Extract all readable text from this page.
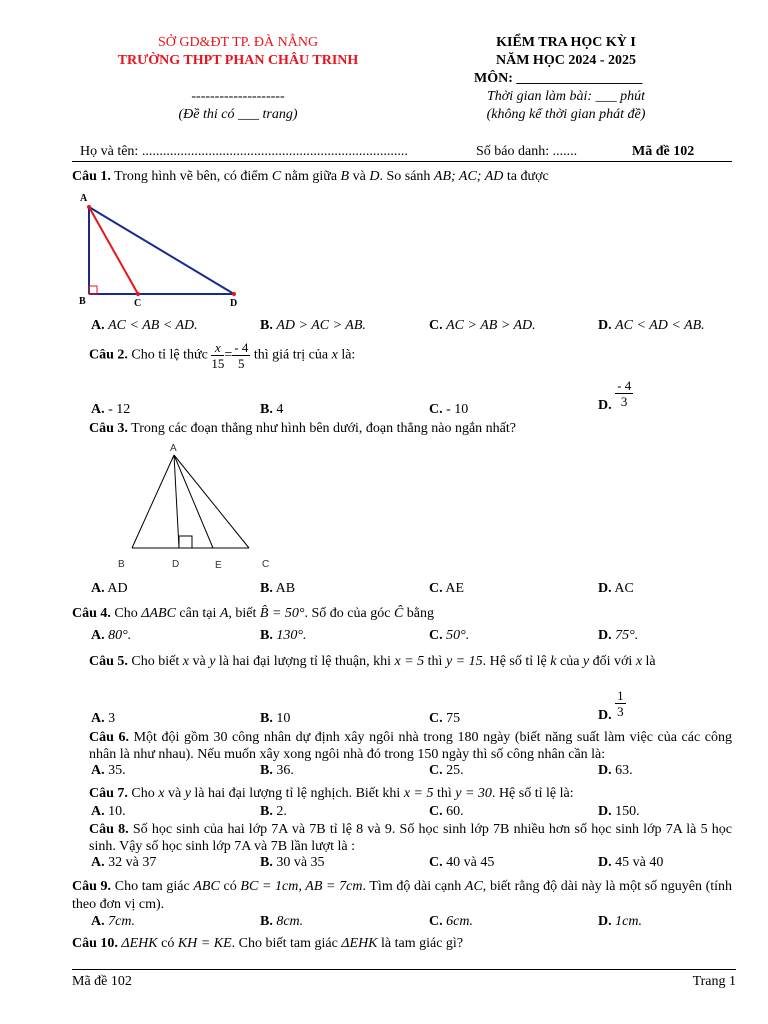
SỞ GD&ĐT TP. ĐÀ NẴNG
TRƯỜNG THPT PHAN CHÂU TRINH
--------------------
(Đề thi có ___ trang)
KIỂM TRA HỌC KỲ I
NĂM HỌC 2024 - 2025
MÔN: __________________
Thời gian làm bài: ___ phút
(không kể thời gian phát đề)
Họ và tên: ............................................................................	Số báo danh: .......	Mã đề 102
Câu 1. Trong hình vẽ bên, có điểm C nằm giữa B và D. So sánh AB; AC; AD ta được
A
B	C	D
A. AC < AB < AD.	B. AD > AC > AB.	C. AC > AB > AD.	D. AC < AD < AB.
Câu 2. Cho tỉ lệ thức $\frac{x}{15} = \frac{- 4}{5}$ thì giá trị của x là:
A. - 12	B. 4	C. - 10	D. $\frac{- 4}{3}$
Câu 3. Trong các đoạn thẳng như hình bên dưới, đoạn thẳng nào ngắn nhất?
A
B	D	E	C
A. AD	B. AB	C. AE	D. AC
Câu 4. Cho ΔABC cân tại A, biết B̂ = 50°. Số đo của góc Ĉ bằng
A. 80°.	B. 130°.	C. 50°.	D. 75°.
Câu 5. Cho biết x và y là hai đại lượng tỉ lệ thuận, khi x = 5 thì y = 15. Hệ số tỉ lệ k của y đối với x là
A. 3	B. 10	C. 75	D. $\frac{1}{3}$
Câu 6. Một đội gồm 30 công nhân dự định xây ngôi nhà trong 180 ngày (biết năng suất làm việc của các công nhân là như nhau). Nếu muốn xây xong ngôi nhà đó trong 150 ngày thì số công nhân cần là:
A. 35.	B. 36.	C. 25.	D. 63.
Câu 7. Cho x và y là hai đại lượng tỉ lệ nghịch. Biết khi x = 5 thì y = 30. Hệ số tỉ lệ là:
A. 10.	B. 2.	C. 60.	D. 150.
Câu 8. Số học sinh của hai lớp 7A và 7B tỉ lệ 8 và 9. Số học sinh lớp 7B nhiều hơn số học sinh lớp 7A là 5 học sinh. Vậy số học sinh lớp 7A và 7B lần lượt là :
A. 32 và 37	B. 30 và 35	C. 40 và 45	D. 45 và 40
Câu 9. Cho tam giác ABC có BC = 1cm, AB = 7cm. Tìm độ dài cạnh AC, biết rằng độ dài này là một số nguyên (tính theo đơn vị cm).
A. 7cm.	B. 8cm.	C. 6cm.	D. 1cm.
Câu 10. ΔEHK có KH = KE. Cho biết tam giác ΔEHK là tam giác gì?
Mã đề 102	Trang 1
